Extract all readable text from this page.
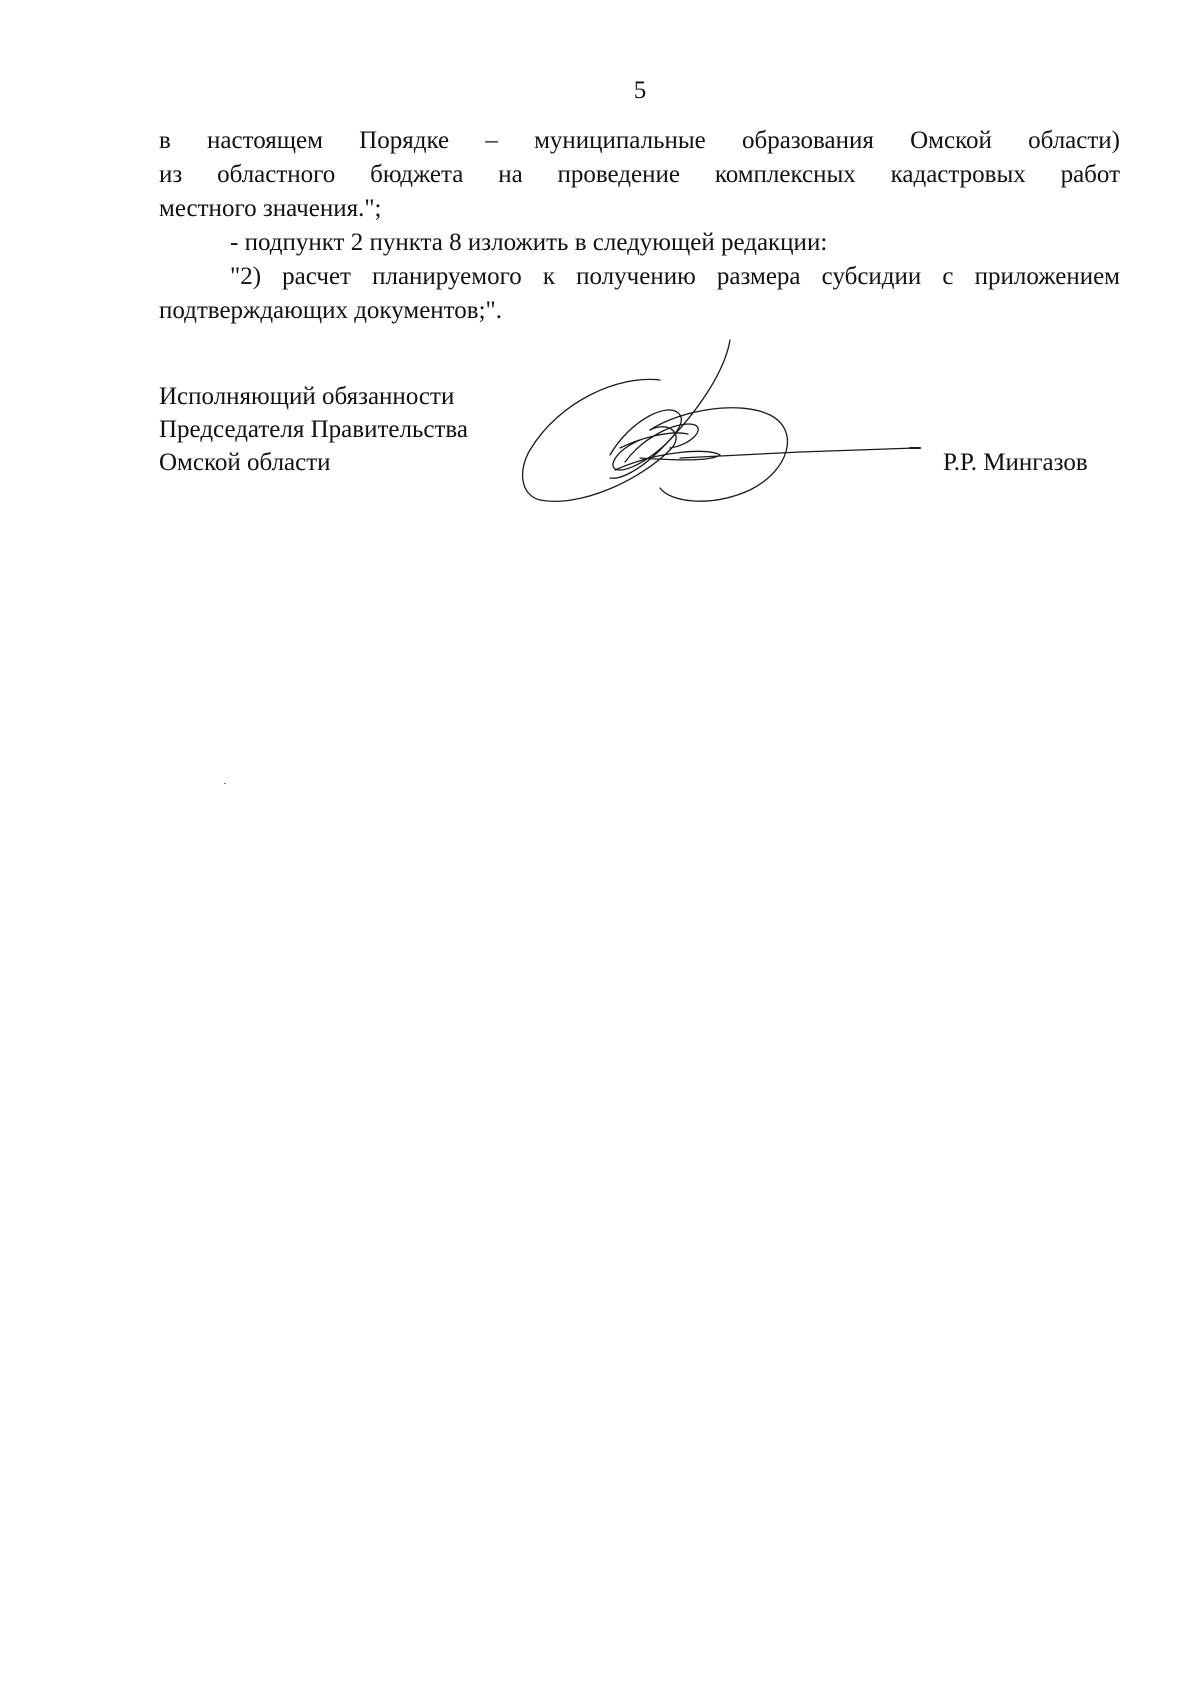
5
в настоящем Порядке – муниципальные образования Омской области)
из областного бюджета на проведение комплексных кадастровых работ
местного значения.";
- подпункт 2 пункта 8 изложить в следующей редакции:
"2) расчет планируемого к получению размера субсидии с приложением
подтверждающих документов;".
Исполняющий обязанности
Председателя Правительства
Омской области	Р.Р. Мингазов
